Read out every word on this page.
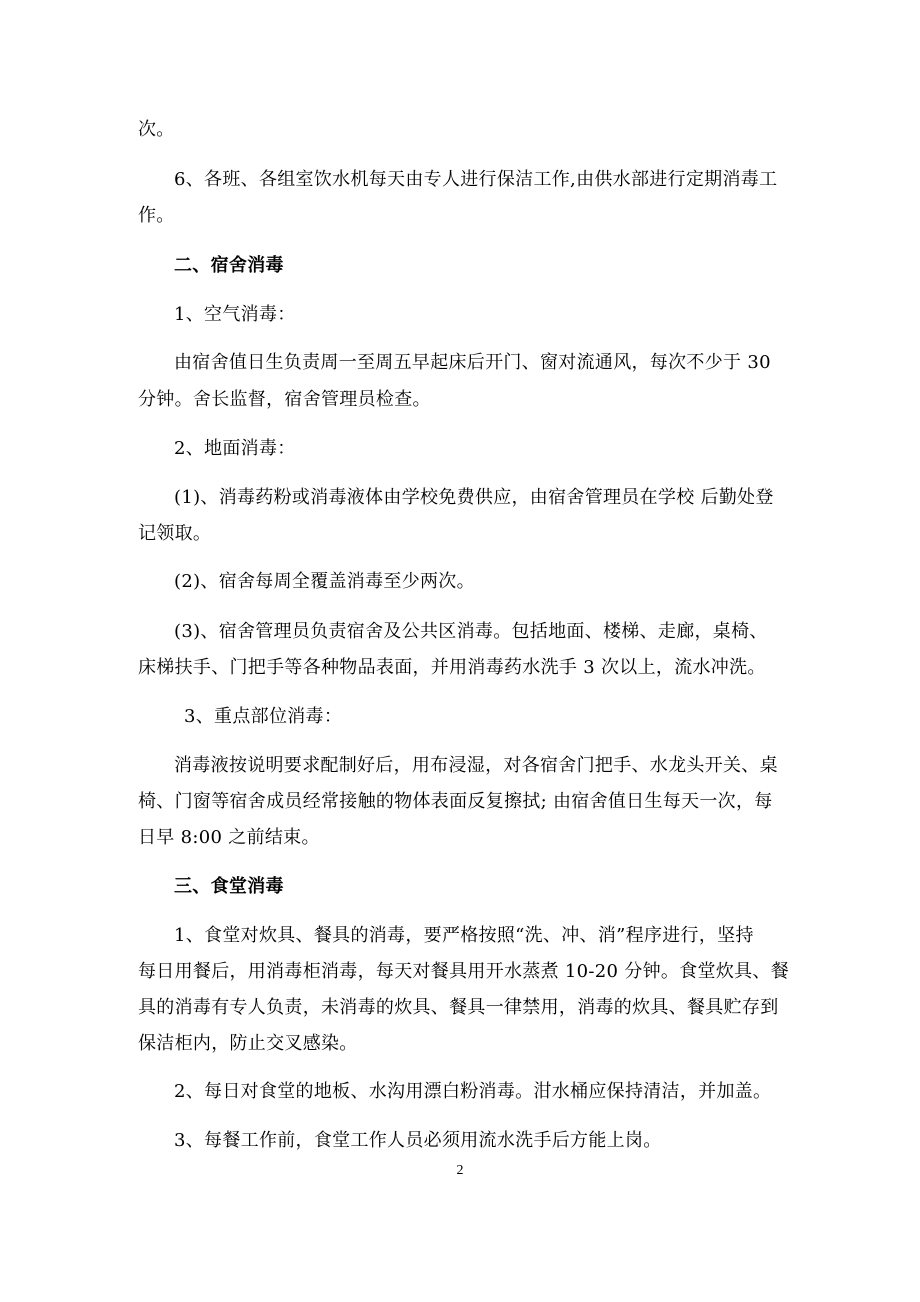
次。
6、各班、各组室饮水机每天由专人进行保洁工作,由供水部进行定期消毒工
作。
二、宿舍消毒
1、空气消毒：
由宿舍值日生负责周一至周五早起床后开门、窗对流通风，每次不少于 30
分钟。舍长监督，宿舍管理员检查。
2、地面消毒：
(1)、消毒药粉或消毒液体由学校免费供应，由宿舍管理员在学校 后勤处登
记领取。
(2)、宿舍每周全覆盖消毒至少两次。
(3)、宿舍管理员负责宿舍及公共区消毒。包括地面、楼梯、走廊，桌椅、
床梯扶手、门把手等各种物品表面，并用消毒药水洗手 3 次以上，流水冲洗。
3、重点部位消毒：
消毒液按说明要求配制好后，用布浸湿，对各宿舍门把手、水龙头开关、桌
椅、门窗等宿舍成员经常接触的物体表面反复擦拭; 由宿舍值日生每天一次，每
日早 8:00 之前结束。
三、食堂消毒
1、食堂对炊具、餐具的消毒，要严格按照“洗、冲、消”程序进行，坚持
每日用餐后，用消毒柜消毒，每天对餐具用开水蒸煮 10-20 分钟。食堂炊具、餐
具的消毒有专人负责，未消毒的炊具、餐具一律禁用，消毒的炊具、餐具贮存到
保洁柜内，防止交叉感染。
2、每日对食堂的地板、水沟用漂白粉消毒。泔水桶应保持清洁，并加盖。
3、每餐工作前，食堂工作人员必须用流水洗手后方能上岗。
2
